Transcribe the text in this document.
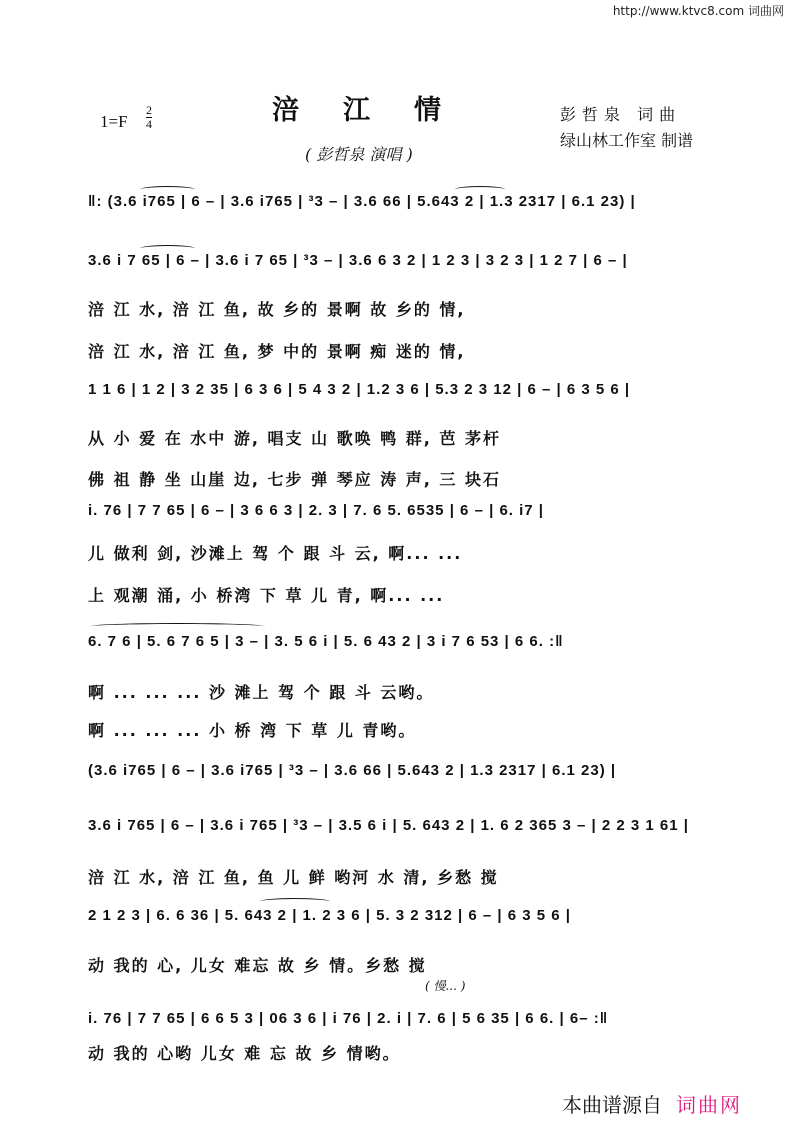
http://www.ktvc8.com 词曲网
$1=F \frac{2}{4}$	涪江情	彭哲泉 词曲
绿山林工作室 制谱
( 彭哲泉 演唱 )
‖: (3.6 i765 | 6 – | 3.6 i765 | ³3 – | 3.6 66 | 5.643 2 | 1.3 2317 | 6.1 23) |
3.6 i 7 65 | 6 – | 3.6 i 7 65 | ³3 – | 3.6 6 3 2 | 1 2 3 | 3 2 3 | 1 2 7 | 6 – |
涪 江 水, 涪 江 鱼, 故 乡的 景啊 故 乡的 情,
涪 江 水, 涪 江 鱼, 梦 中的 景啊 痴 迷的 情,
1 1 6 | 1 2 | 3 2 35 | 6 3 6 | 5 4 3 2 | 1.2 3 6 | 5.3 2 3 12 | 6 – | 6 3 5 6 |
从 小 爱 在 水中 游, 唱支 山 歌唤 鸭 群, 芭 茅杆
佛 祖 静 坐 山崖 边, 七步 弹 琴应 涛 声, 三 块石
i. 76 | 7 7 65 | 6 – | 3 6 6 3 | 2. 3 | 7. 6 5. 6535 | 6 – | 6. i7 |
儿 做利 剑, 沙滩上 驾 个 跟 斗 云, 啊... ...
上 观潮 涌, 小 桥湾 下 草 儿 青, 啊... ...
6. 7 6 | 5. 6 7 6 5 | 3 – | 3. 5 6 i | 5. 6 43 2 | 3 i 7 6 53 | 6 6. :‖
啊 ... ... ... 沙 滩上 驾 个 跟 斗 云哟。
啊 ... ... ... 小 桥 湾 下 草 儿 青哟。
(3.6 i765 | 6 – | 3.6 i765 | ³3 – | 3.6 66 | 5.643 2 | 1.3 2317 | 6.1 23) |
3.6 i 765 | 6 – | 3.6 i 765 | ³3 – | 3.5 6 i | 5. 643 2 | 1. 6 2 365 3 – | 2 2 3 1 61 |
涪 江 水, 涪 江 鱼, 鱼 儿 鲜 哟河 水 清, 乡愁 搅
2 1 2 3 | 6. 6 36 | 5. 643 2 | 1. 2 3 6 | 5. 3 2 312 | 6 – | 6 3 5 6 |
动 我的 心, 儿女 难忘 故 乡 情。乡愁 搅
( 慢... )
i. 76 | 7 7 65 | 6 6 5 3 | 06 3 6 | i 76 | 2. i | 7. 6 | 5 6 35 | 6 6. | 6– :‖
动 我的 心哟 儿女 难 忘 故 乡 情哟。
本曲谱源自 词曲网
